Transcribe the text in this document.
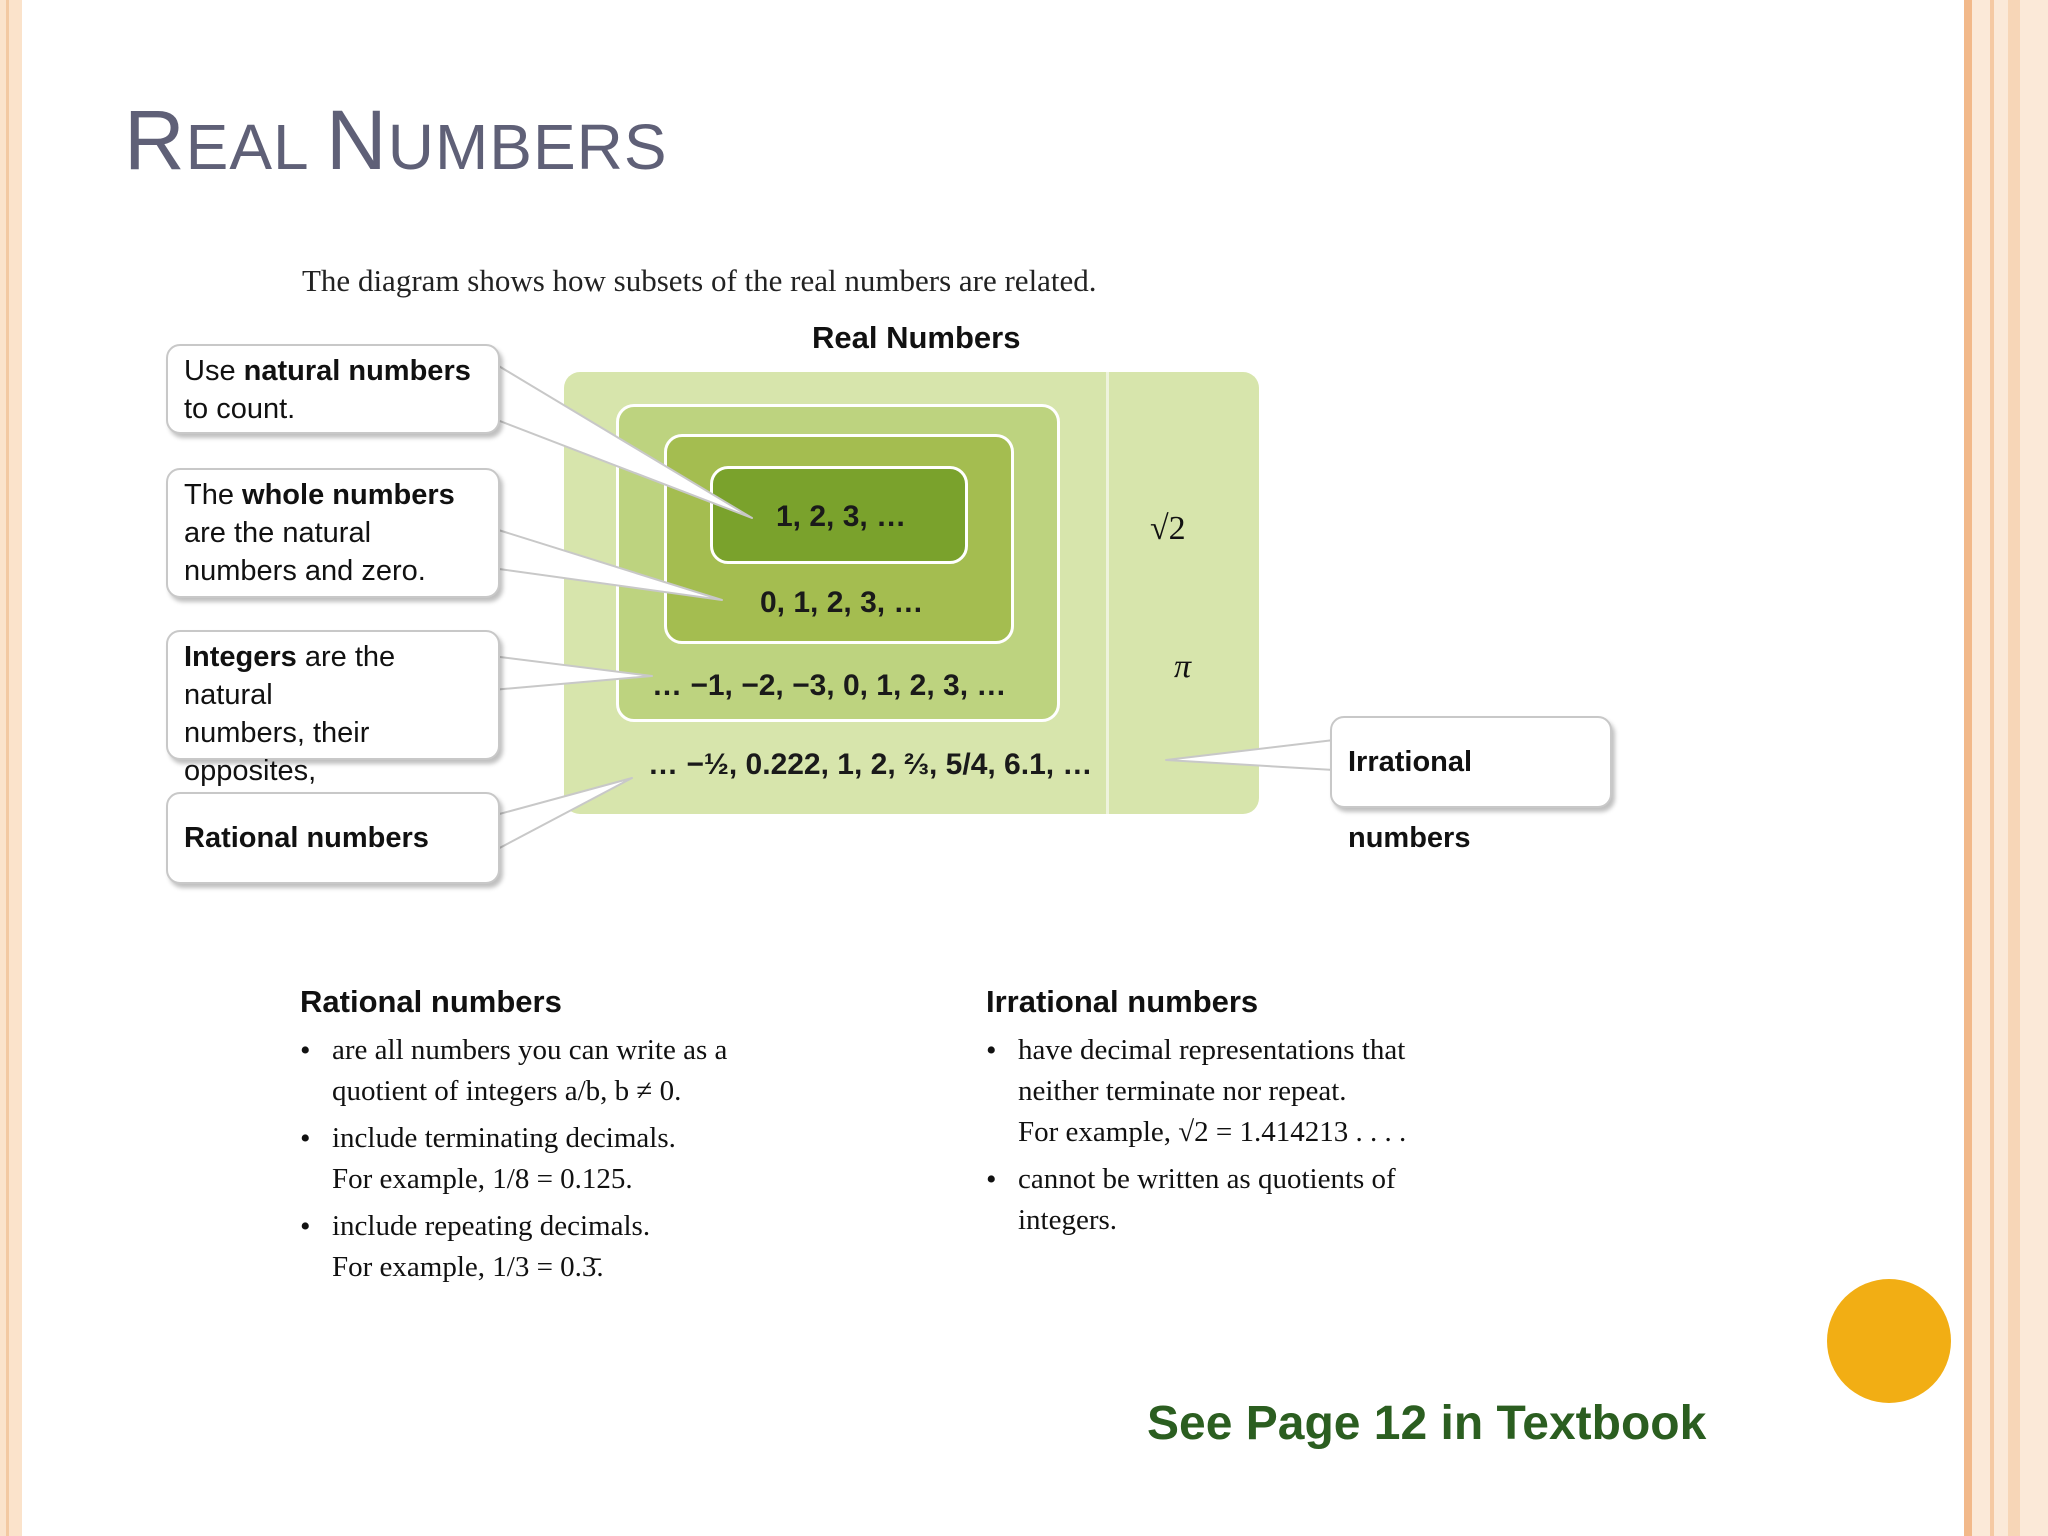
REAL NUMBERS
The diagram shows how subsets of the real numbers are related.
Real Numbers
1, 2, 3, …
0, 1, 2, 3, …
… −1, −2, −3, 0, 1, 2, 3, …
… −½, 0.222, 1, 2, ⅔, 5/4, 6.1, …
√2
π
Use natural numbers
to count.
The whole numbers
are the natural
numbers and zero.
Integers are the natural
numbers, their opposites,

Rational numbers
Irrational numbers
Rational numbers
• are all numbers you can write as a
quotient of integers a/b, b ≠ 0.
• include terminating decimals.
For example, 1/8 = 0.125.
• include repeating decimals.
For example, 1/3 = 0.3̄.
Irrational numbers
• have decimal representations that
neither terminate nor repeat.
For example, √2 = 1.414213 . . . .
• cannot be written as quotients of
integers.
See Page 12 in Textbook
